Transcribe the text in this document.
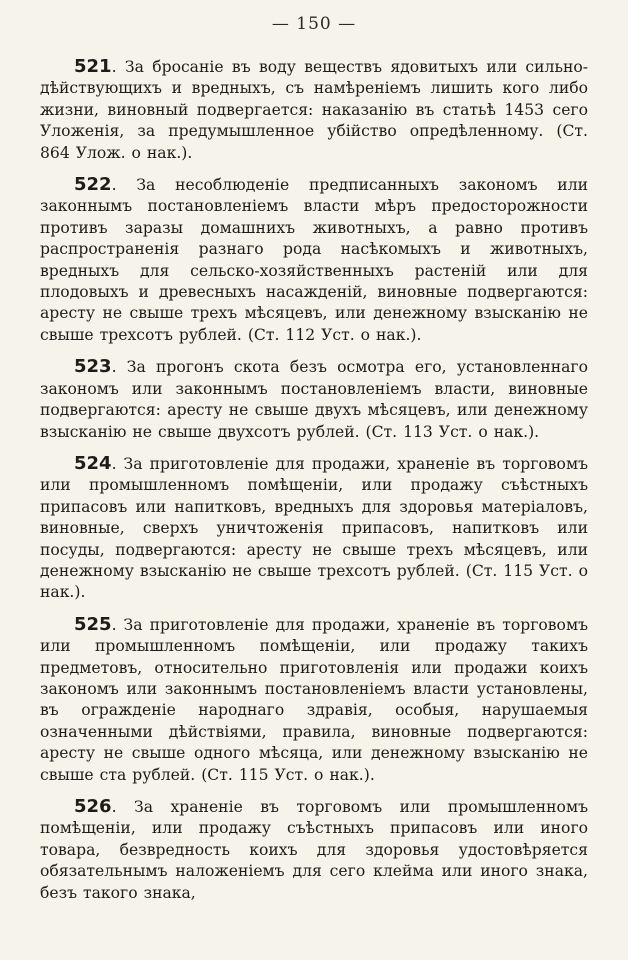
— 150 —

521. За бросаніе въ воду веществъ ядовитыхъ или сильно-дѣйствующихъ и вредныхъ, съ намѣреніемъ лишить кого либо жизни, виновный подвергается: наказанію въ статьѣ 1453 сего Уложенія, за предумышленное убійство опредѣленному. (Ст. 864 Улож. о нак.).

522. За несоблюденіе предписанныхъ закономъ или законнымъ постановленіемъ власти мѣръ предосторожности противъ заразы домашнихъ животныхъ, а равно противъ распространенія разнаго рода насѣкомыхъ и животныхъ, вредныхъ для сельско-хозяйственныхъ растеній или для плодовыхъ и древесныхъ насажденій, виновные подвергаются: аресту не свыше трехъ мѣсяцевъ, или денежному взысканію не свыше трехсотъ рублей. (Ст. 112 Уст. о нак.).

523. За прогонъ скота безъ осмотра его, установленнаго закономъ или законнымъ постановленіемъ власти, виновные подвергаются: аресту не свыше двухъ мѣсяцевъ, или денежному взысканію не свыше двухсотъ рублей. (Ст. 113 Уст. о нак.).

524. За приготовленіе для продажи, храненіе въ торговомъ или промышленномъ помѣщеніи, или продажу съѣстныхъ припасовъ или напитковъ, вредныхъ для здоровья матеріаловъ, виновные, сверхъ уничтоженія припасовъ, напитковъ или посуды, подвергаются: аресту не свыше трехъ мѣсяцевъ, или денежному взысканію не свыше трехсотъ рублей. (Ст. 115 Уст. о нак.).

525. За приготовленіе для продажи, храненіе въ торговомъ или промышленномъ помѣщеніи, или продажу такихъ предметовъ, относительно приготовленія или продажи коихъ закономъ или законнымъ постановленіемъ власти установлены, въ огражденіе народнаго здравія, особыя, нарушаемыя означенными дѣйствіями, правила, виновные подвергаются: аресту не свыше одного мѣсяца, или денежному взысканію не свыше ста рублей. (Ст. 115 Уст. о нак.).

526. За храненіе въ торговомъ или промышленномъ помѣщеніи, или продажу съѣстныхъ припасовъ или иного товара, безвредность коихъ для здоровья удостовѣряется обязательнымъ наложеніемъ для сего клейма или иного знака, безъ такого знака,
